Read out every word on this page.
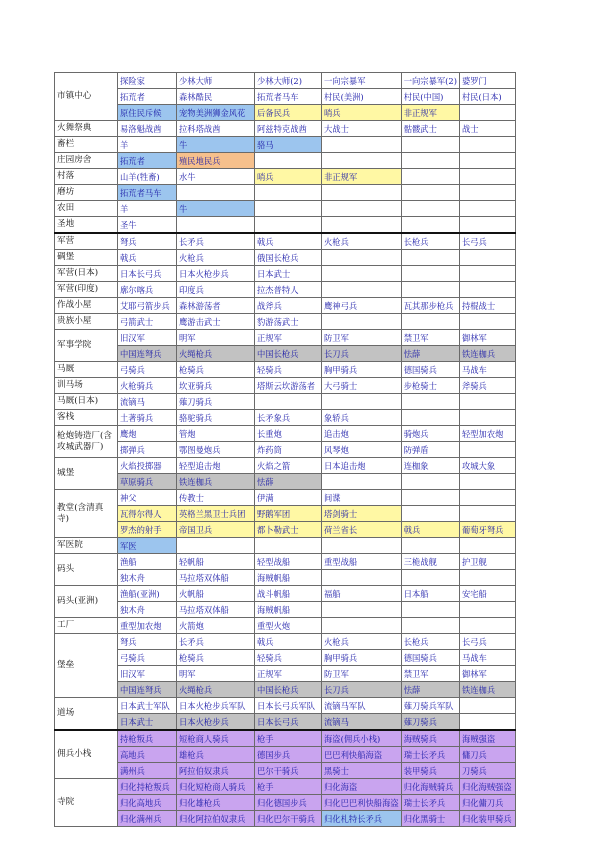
市镇中心	探险家	少林大师	少林大师(2)	一向宗暴军	一向宗暴军(2)	婆罗门
	拓荒者	森林酷民	拓荒者马车	村民(美洲)	村民(中国)	村民(日本)
	原住民斥候	宠物美洲狮金风花	后备民兵	哨兵	非正规军	
火舞祭典	易洛魁战酋	拉科塔战酋	阿兹特克战酋	大战士	骷髅武士	战士
畜栏	羊	牛	骆马			
庄园房舍	拓荒者	殖民地民兵				
村落	山羊(牲畜)	水牛	哨兵	非正规军		
磨坊	拓荒者马车					
农田	羊	牛				
圣地	圣牛					
军营	弩兵	长矛兵	戟兵	火枪兵	长枪兵	长弓兵
碉堡	戟兵	火枪兵	俄国长枪兵			
军营(日本)	日本长弓兵	日本火枪步兵	日本武士			
军营(印度)	廓尔喀兵	印度兵	拉杰普特人			
作战小屋	艾耶弓箭步兵	森林游荡者	战斧兵	鹰神弓兵	瓦其那步枪兵	持棍战士
贵族小屋	弓箭武士	鹰游击武士	豹游荡武士			
军事学院	旧汉军	明军	正规军	防卫军	禁卫军	御林军
	中国连弩兵	火绳枪兵	中国长枪兵	长刀兵	怯薛	铁连枷兵
马厩	弓骑兵	枪骑兵	轻骑兵	胸甲骑兵	德国骑兵	马战车
训马场	火枪骑兵	坎亚骑兵	塔斯云坎游荡者	大弓骑士	步枪骑士	斧骑兵
马厩(日本)	流镝马	薙刀骑兵				
客栈	土著骑兵	骆驼骑兵	长矛象兵	象轿兵		
枪炮铸造厂(含攻城武器厂)	鹰炮	管炮	长重炮	追击炮	骑炮兵	轻型加农炮
	掷弹兵	鄂图曼炮兵	炸药筒	风琴炮	防弹盾	
城堡	火焰投掷器	轻型追击炮	火焰之箭	日本追击炮	连枷象	攻城大象
	草原骑兵	铁连枷兵	怯薛			
教堂(含清真寺)	神父	传教士	伊满	间谍		
	瓦得尔得人	英格兰黑卫士兵团	野鹅军团	塔剑骑士		
	罗杰的射手	帝国卫兵	都卜勒武士	荷兰省长	戟兵	葡萄牙弩兵
军医院	军医					
码头	渔船	轻帆船	轻型战船	重型战船	三桅战舰	护卫舰
	独木舟	马拉塔双体船	海贼帆船			
码头(亚洲)	渔船(亚洲)	火帆船	战斗帆船	福船	日本船	安宅船
	独木舟	马拉塔双体船	海贼帆船			
工厂	重型加农炮	火箭炮	重型火炮			
堡垒	弩兵	长矛兵	戟兵	火枪兵	长枪兵	长弓兵
	弓骑兵	枪骑兵	轻骑兵	胸甲骑兵	德国骑兵	马战车
	旧汉军	明军	正规军	防卫军	禁卫军	御林军
	中国连弩兵	火绳枪兵	中国长枪兵	长刀兵	怯薛	铁连枷兵
道场	日本武士军队	日本火枪步兵军队	日本长弓兵军队	流镝马军队	薙刀骑兵军队	
	日本武士	日本火枪步兵	日本长弓兵	流镝马	薙刀骑兵	
佣兵小栈	持枪叛兵	短枪商人骑兵	枪手	海盗(佣兵小栈)	海贼骑兵	海贼强盗
	高地兵	雄枪兵	德国步兵	巴巴利快船海盗	瑞士长矛兵	傭刀兵
	满州兵	阿拉伯奴隶兵	巴尔干骑兵	黑骑士	装甲骑兵	刀骑兵
寺院	归化持枪叛兵	归化短枪商人骑兵	枪手	归化海盗	归化海贼骑兵	归化海贼强盗
	归化高地兵	归化雄枪兵	归化德国步兵	归化巴巴利快船海盗	瑞士长矛兵	归化傭刀兵
	归化满州兵	归化阿拉伯奴隶兵	归化巴尔干骑兵	归化札特长矛兵	归化黑骑士	归化装甲骑兵
